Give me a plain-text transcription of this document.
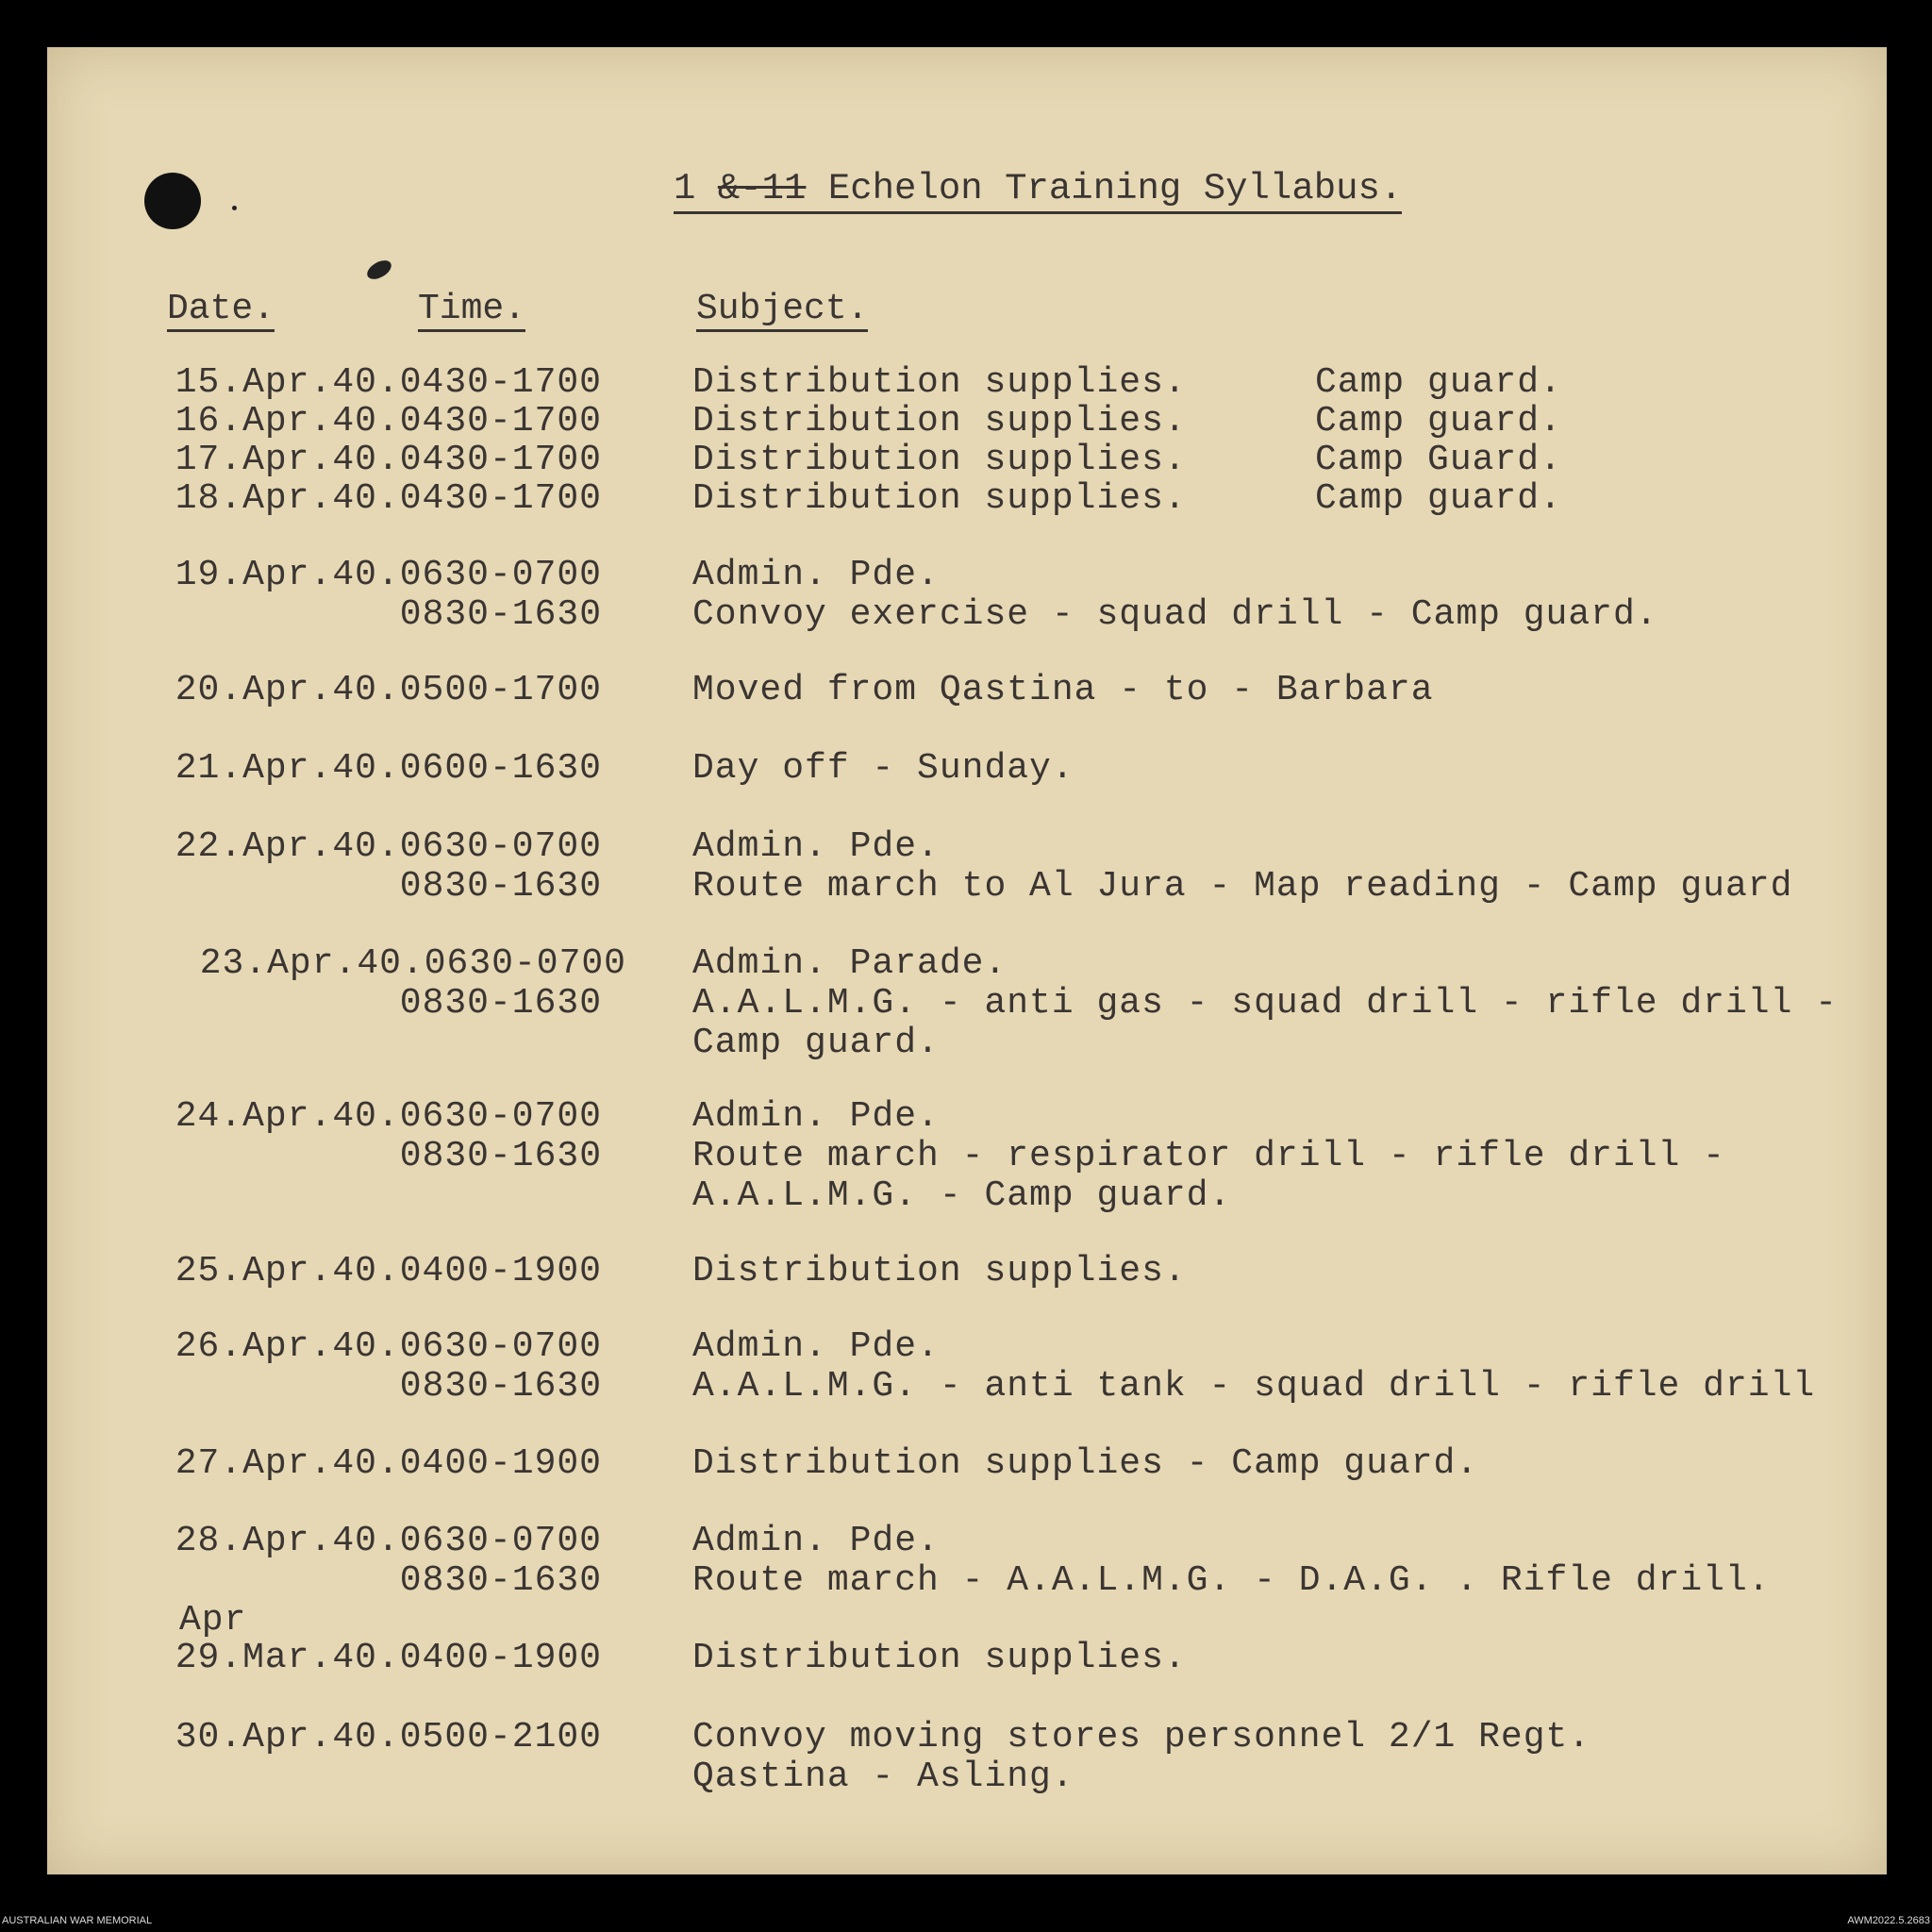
1 &-11 Echelon Training Syllabus.
Date.	Time.	Subject.
15.Apr.40.0430-1700	Distribution supplies.	Camp guard.
16.Apr.40.0430-1700	Distribution supplies.	Camp guard.
17.Apr.40.0430-1700	Distribution supplies.	Camp Guard.
18.Apr.40.0430-1700	Distribution supplies.	Camp guard.
19.Apr.40.0630-0700	Admin. Pde.
0830-1630	Convoy exercise - squad drill - Camp guard.
20.Apr.40.0500-1700	Moved from Qastina - to - Barbara
21.Apr.40.0600-1630	Day off - Sunday.
22.Apr.40.0630-0700	Admin. Pde.
0830-1630	Route march to Al Jura - Map reading - Camp guard
23.Apr.40.0630-0700 Admin. Parade.
0830-1630	A.A.L.M.G. - anti gas - squad drill - rifle drill -
Camp guard.
24.Apr.40.0630-0700	Admin. Pde.
0830-1630	Route march - respirator drill - rifle drill -
A.A.L.M.G. - Camp guard.
25.Apr.40.0400-1900	Distribution supplies.
26.Apr.40.0630-0700	Admin. Pde.
0830-1630	A.A.L.M.G. - anti tank - squad drill - rifle drill
27.Apr.40.0400-1900	Distribution supplies - Camp guard.
28.Apr.40.0630-0700	Admin. Pde.
0830-1630	Route march - A.A.L.M.G. - D.A.G. . Rifle drill.
Apr
29.Mar.40.0400-1900	Distribution supplies.
30.Apr.40.0500-2100	Convoy moving stores personnel 2/1 Regt.
Qastina - Asling.
AUSTRALIAN WAR MEMORIAL	AWM2022.5.2683
